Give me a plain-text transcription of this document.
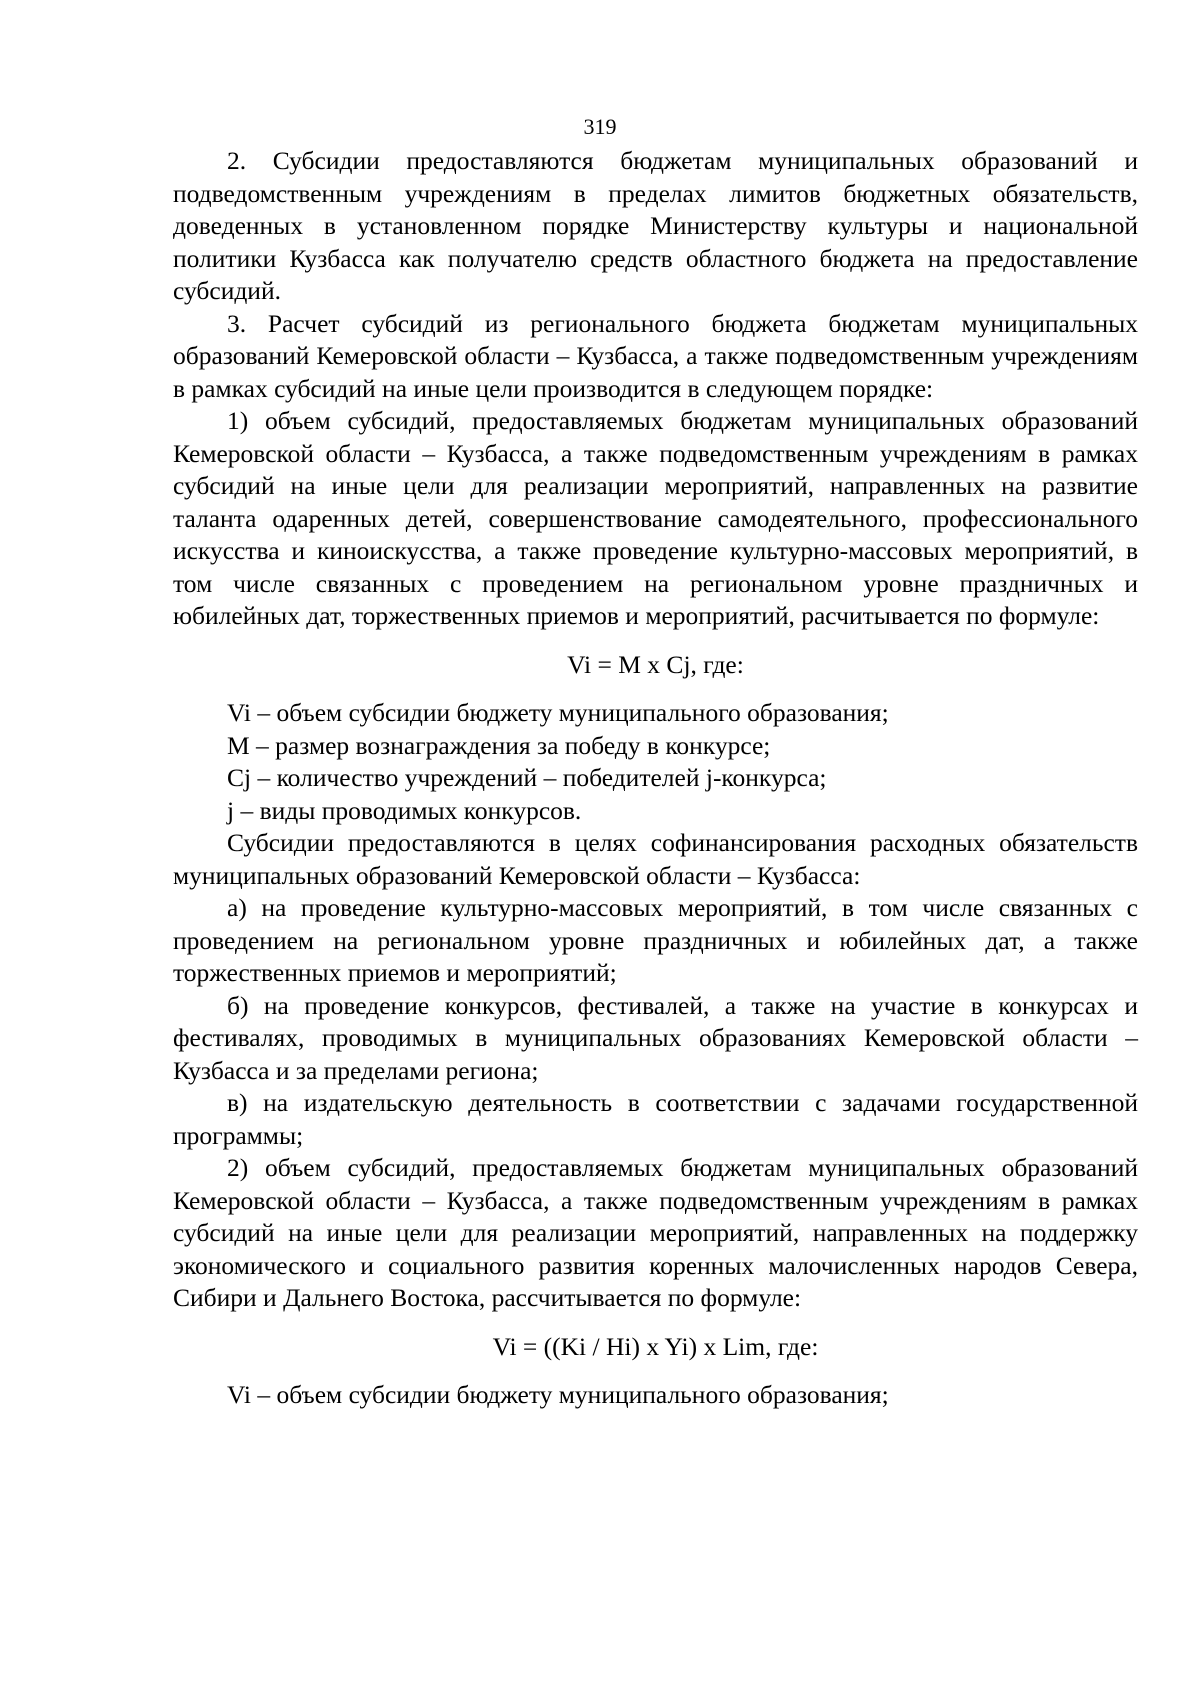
319

2. Субсидии предоставляются бюджетам муниципальных образований и подведомственным учреждениям в пределах лимитов бюджетных обязательств, доведенных в установленном порядке Министерству культуры и национальной политики Кузбасса как получателю средств областного бюджета на предоставление субсидий.

3. Расчет субсидий из регионального бюджета бюджетам муниципальных образований Кемеровской области – Кузбасса, а также подведомственным учреждениям в рамках субсидий на иные цели производится в следующем порядке:

1) объем субсидий, предоставляемых бюджетам муниципальных образований Кемеровской области – Кузбасса, а также подведомственным учреждениям в рамках субсидий на иные цели для реализации мероприятий, направленных на развитие таланта одаренных детей, совершенствование самодеятельного, профессионального искусства и киноискусства, а также проведение культурно-массовых мероприятий, в том числе связанных с проведением на региональном уровне праздничных и юбилейных дат, торжественных приемов и мероприятий, расчитывается по формуле:

Vi = M x Cj, где:

Vi – объем субсидии бюджету муниципального образования;

M – размер вознаграждения за победу в конкурсе;

Cj – количество учреждений – победителей j-конкурса;

j – виды проводимых конкурсов.

Субсидии предоставляются в целях софинансирования расходных обязательств муниципальных образований Кемеровской области – Кузбасса:

а) на проведение культурно-массовых мероприятий, в том числе связанных с проведением на региональном уровне праздничных и юбилейных дат, а также торжественных приемов и мероприятий;

б) на проведение конкурсов, фестивалей, а также на участие в конкурсах и фестивалях, проводимых в муниципальных образованиях Кемеровской области – Кузбасса и за пределами региона;

в) на издательскую деятельность в соответствии с задачами государственной программы;

2) объем субсидий, предоставляемых бюджетам муниципальных образований Кемеровской области – Кузбасса, а также подведомственным учреждениям в рамках субсидий на иные цели для реализации мероприятий, направленных на поддержку экономического и социального развития коренных малочисленных народов Севера, Сибири и Дальнего Востока, рассчитывается по формуле:

Vi = ((Ki / Hi) x Yi) x Lim, где:

Vi – объем субсидии бюджету муниципального образования;
